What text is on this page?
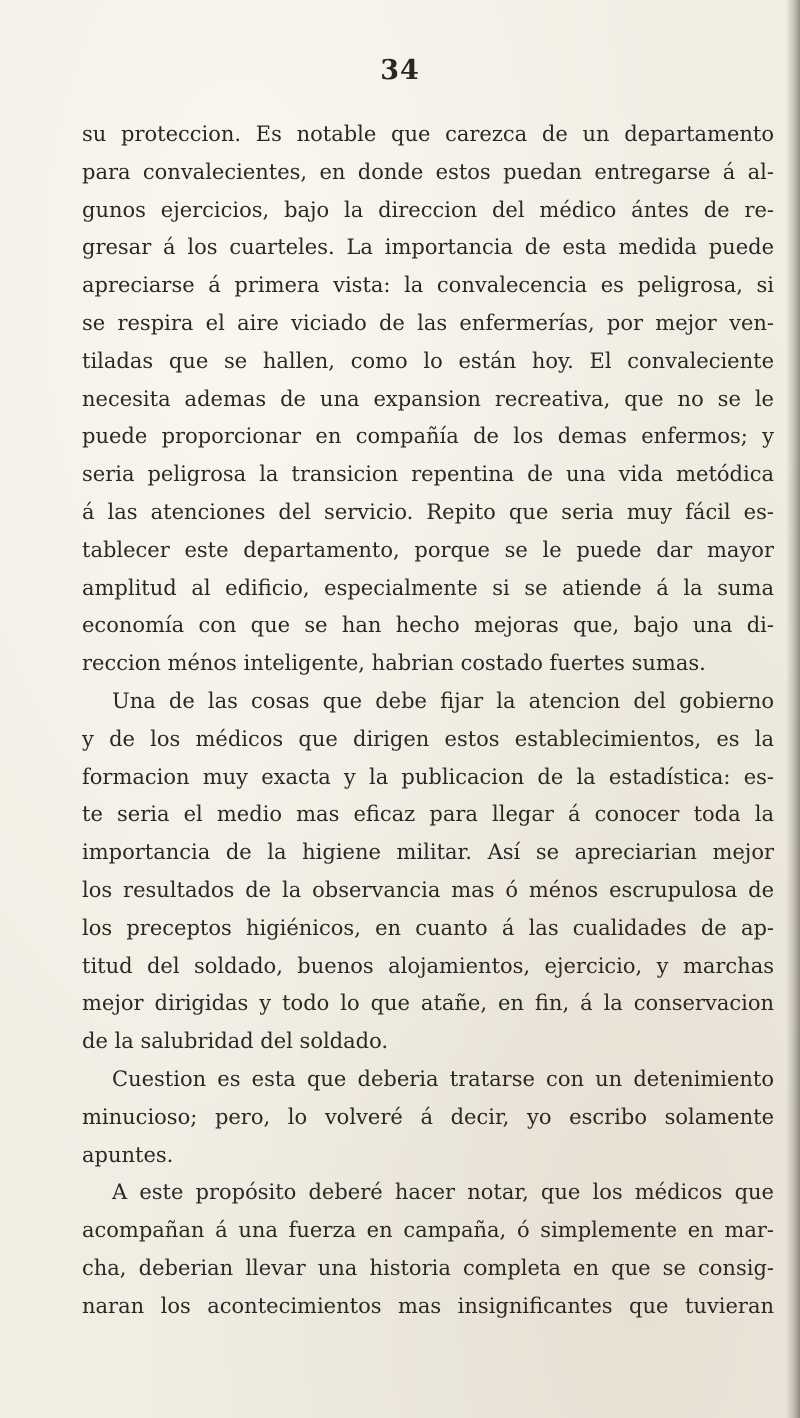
34
su proteccion. Es notable que carezca de un departamento
para convalecientes, en donde estos puedan entregarse á al-
gunos ejercicios, bajo la direccion del médico ántes de re-
gresar á los cuarteles. La importancia de esta medida puede
apreciarse á primera vista: la convalecencia es peligrosa, si
se respira el aire viciado de las enfermerías, por mejor ven-
tiladas que se hallen, como lo están hoy. El convaleciente
necesita ademas de una expansion recreativa, que no se le
puede proporcionar en compañía de los demas enfermos; y
seria peligrosa la transicion repentina de una vida metódica
á las atenciones del servicio. Repito que seria muy fácil es-
tablecer este departamento, porque se le puede dar mayor
amplitud al edificio, especialmente si se atiende á la suma
economía con que se han hecho mejoras que, bajo una di-
reccion ménos inteligente, habrian costado fuertes sumas.
Una de las cosas que debe fijar la atencion del gobierno
y de los médicos que dirigen estos establecimientos, es la
formacion muy exacta y la publicacion de la estadística: es-
te seria el medio mas eficaz para llegar á conocer toda la
importancia de la higiene militar. Así se apreciarian mejor
los resultados de la observancia mas ó ménos escrupulosa de
los preceptos higiénicos, en cuanto á las cualidades de ap-
titud del soldado, buenos alojamientos, ejercicio, y marchas
mejor dirigidas y todo lo que atañe, en fin, á la conservacion
de la salubridad del soldado.
Cuestion es esta que deberia tratarse con un detenimiento
minucioso; pero, lo volveré á decir, yo escribo solamente
apuntes.
A este propósito deberé hacer notar, que los médicos que
acompañan á una fuerza en campaña, ó simplemente en mar-
cha, deberian llevar una historia completa en que se consig-
naran los acontecimientos mas insignificantes que tuvieran
